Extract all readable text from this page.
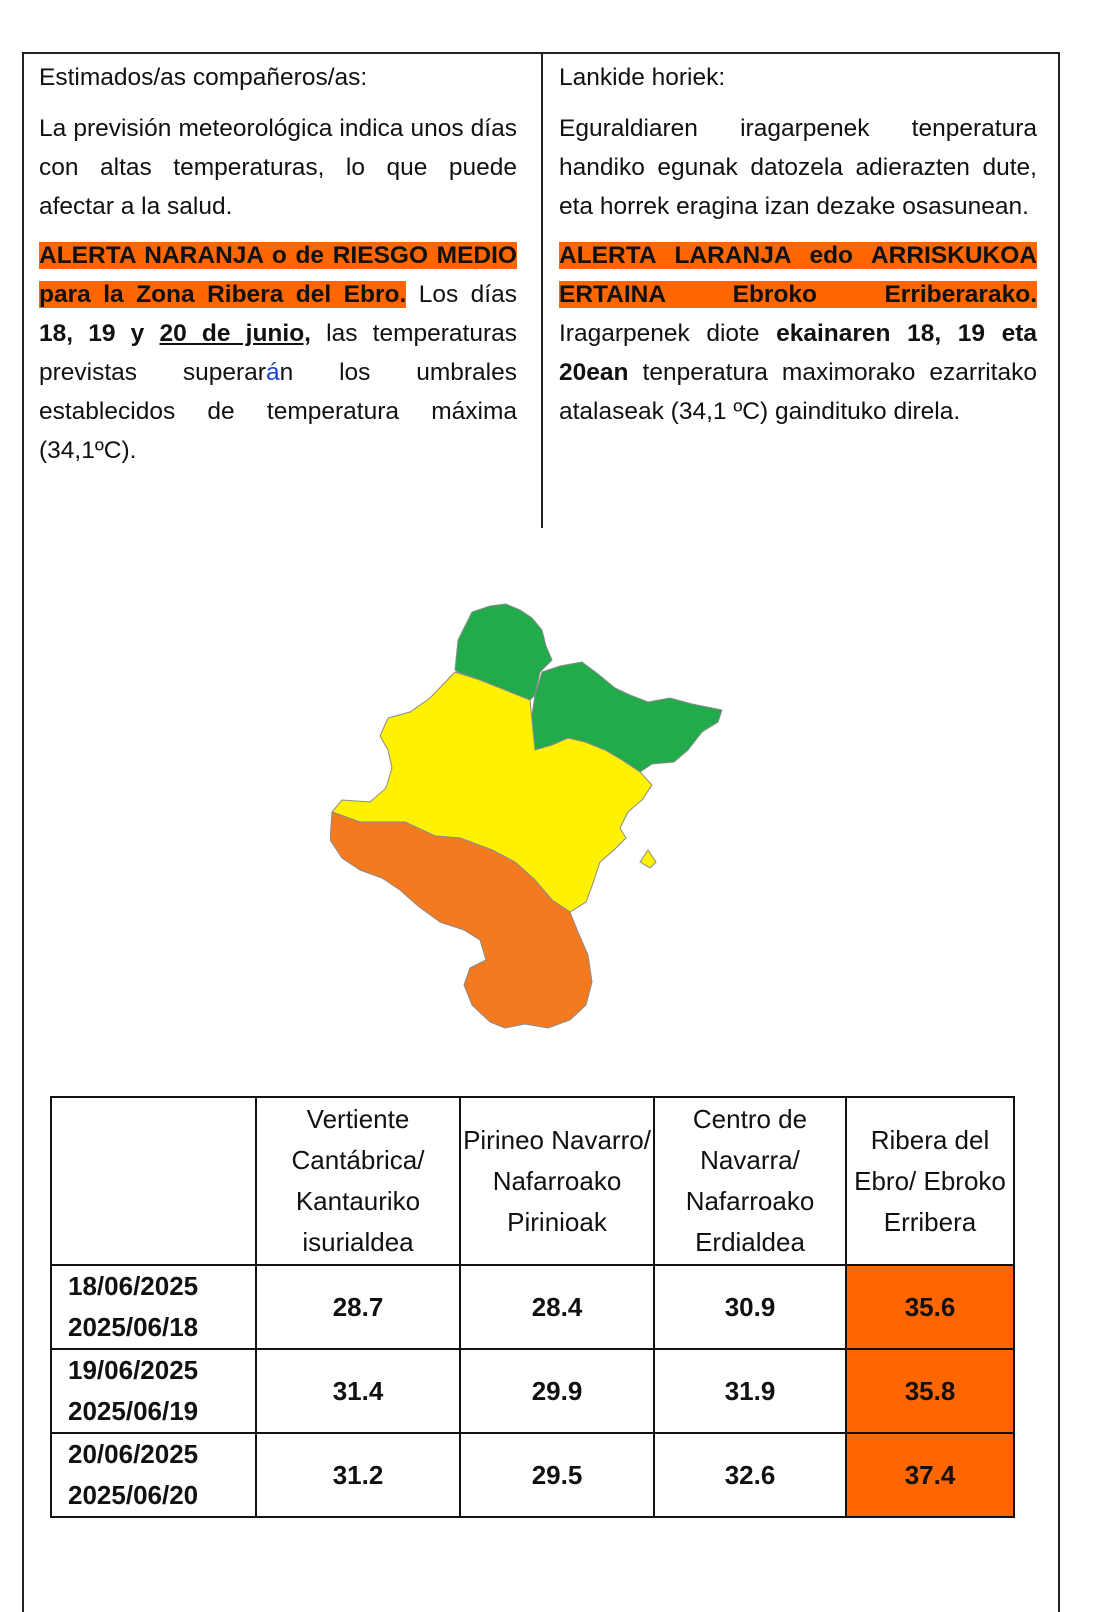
Estimados/as compañeros/as:

La previsión meteorológica indica unos días con altas temperaturas, lo que puede afectar a la salud.

ALERTA NARANJA o de RIESGO MEDIO para la Zona Ribera del Ebro. Los días 18, 19 y 20 de junio, las temperaturas previstas superarán los umbrales establecidos de temperatura máxima (34,1ºC).

Lankide horiek:

Eguraldiaren iragarpenek tenperatura handiko egunak datozela adierazten dute, eta horrek eragina izan dezake osasunean.

ALERTA LARANJA edo ARRISKUKOA ERTAINA Ebroko Erriberarako. Iragarpenek diote ekainaren 18, 19 eta 20ean tenperatura maximorako ezarritako atalaseak (34,1 ºC) gaindituko direla.

	Vertiente Cantábrica/ Kantauriko isurialdea	Pirineo Navarro/ Nafarroako Pirinioak	Centro de Navarra/ Nafarroako Erdialdea	Ribera del Ebro/ Ebroko Erribera
18/06/2025
2025/06/18	28.7	28.4	30.9	35.6
19/06/2025
2025/06/19	31.4	29.9	31.9	35.8
20/06/2025
2025/06/20	31.2	29.5	32.6	37.4
